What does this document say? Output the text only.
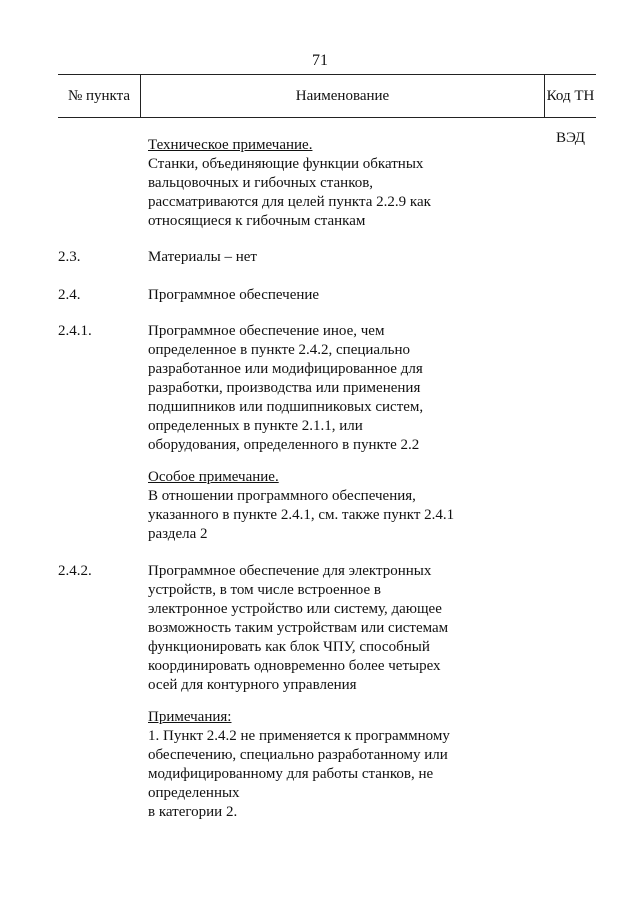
71
№ пункта	Наименование	Код ТН ВЭД
Техническое примечание.
Станки, объединяющие функции обкатных
вальцовочных и гибочных станков,
рассматриваются для целей пункта 2.2.9 как
относящиеся к гибочным станкам
2.3.	Материалы – нет
2.4.	Программное обеспечение
2.4.1.	Программное обеспечение иное, чем
определенное в пункте 2.4.2, специально
разработанное или модифицированное для
разработки, производства или применения
подшипников или подшипниковых систем,
определенных в пункте 2.1.1, или
оборудования, определенного в пункте 2.2
Особое примечание.
В отношении программного обеспечения,
указанного в пункте 2.4.1, см. также пункт 2.4.1
раздела 2
2.4.2.	Программное обеспечение для электронных
устройств, в том числе встроенное в
электронное устройство или систему, дающее
возможность таким устройствам или системам
функционировать как блок ЧПУ, способный
координировать одновременно более четырех
осей для контурного управления
Примечания:
1. Пункт 2.4.2 не применяется к программному
обеспечению, специально разработанному или
модифицированному для работы станков, не
определенных
в категории 2.
